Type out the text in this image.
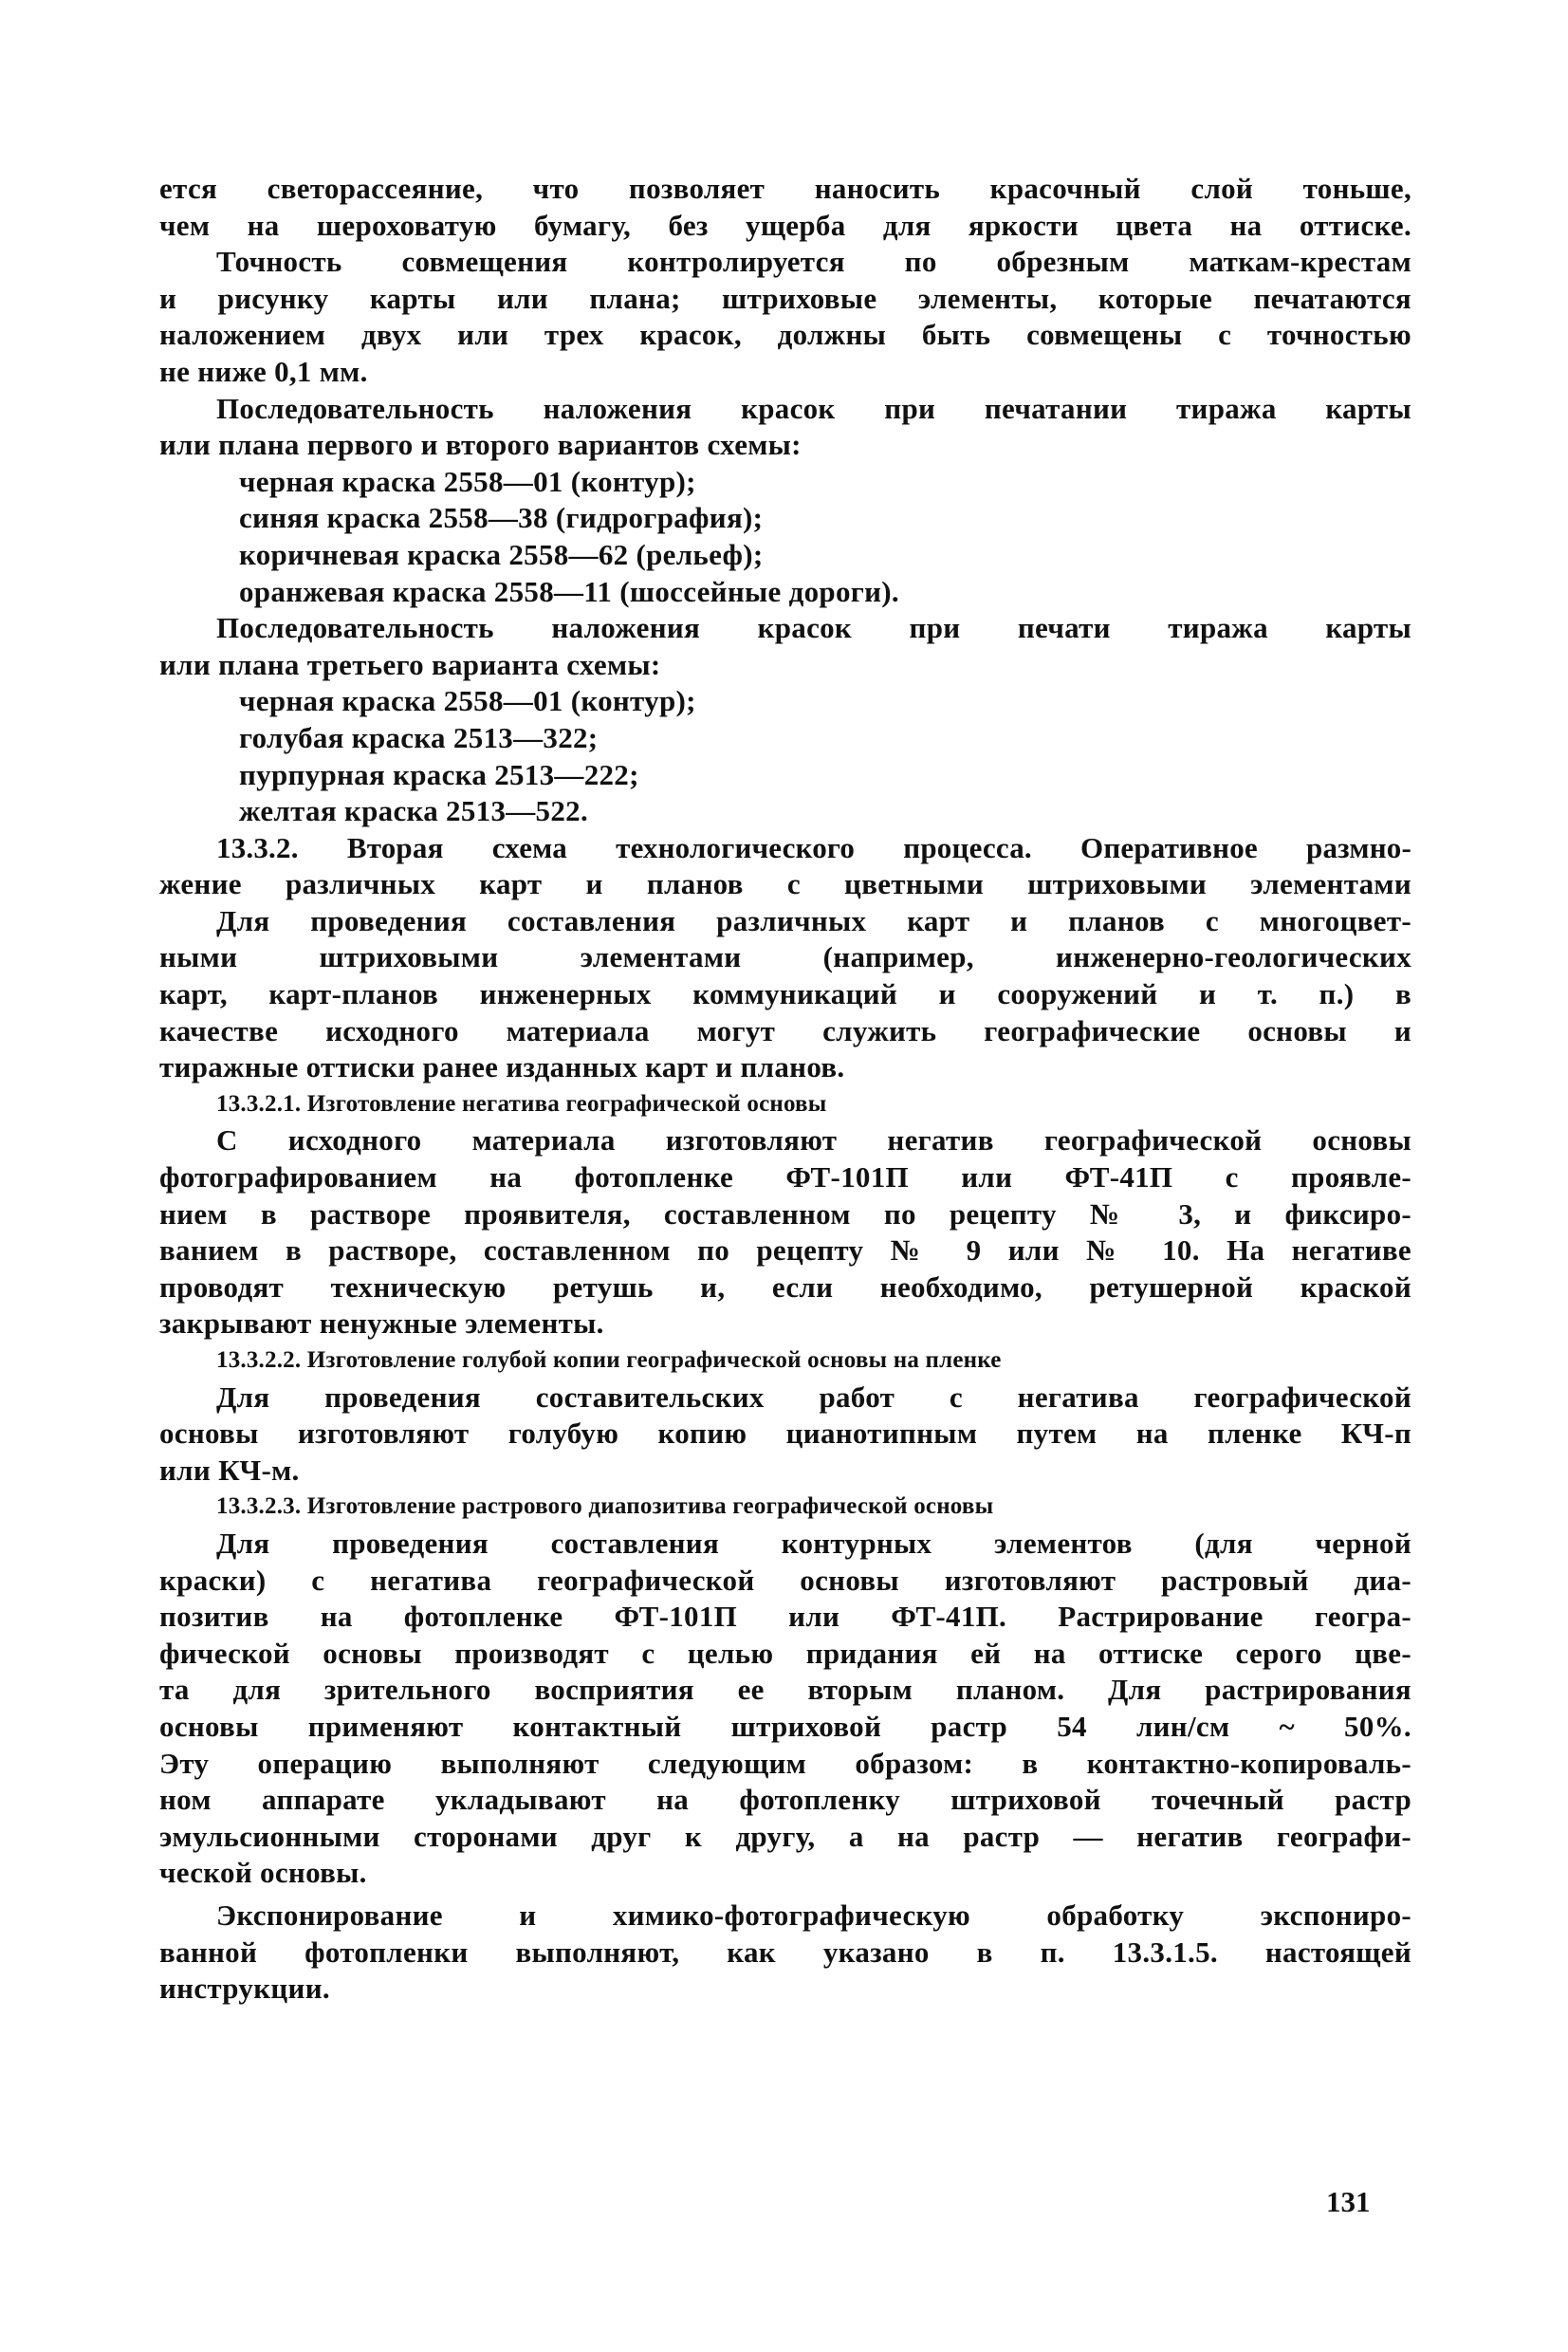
ется светорассеяние, что позволяет наносить красочный слой тоньше,
чем на шероховатую бумагу, без ущерба для яркости цвета на оттиске.

Точность совмещения контролируется по обрезным маткам-крестам
и рисунку карты или плана; штриховые элементы, которые печатаются
наложением двух или трех красок, должны быть совмещены с точностью

не ниже 0,1 мм.

Последовательность наложения красок при печатании тиража карты

или плана первого и второго вариантов схемы:

черная краска 2558—01 (контур);
синяя краска 2558—38 (гидрография);
коричневая краска 2558—62 (рельеф);
оранжевая краска 2558—11 (шоссейные дороги).

Последовательность наложения красок при печати тиража карты

или плана третьего варианта схемы:

черная краска 2558—01 (контур);
голубая краска 2513—322;
пурпурная краска 2513—222;
желтая краска 2513—522.

13.3.2. Вторая схема технологического процесса. Оперативное размно-

жение различных карт и планов с цветными штриховыми элементами

Для проведения составления различных карт и планов с многоцвет-
ными штриховыми элементами (например, инженерно-геологических
карт, карт-планов инженерных коммуникаций и сооружений и т. п.) в
качестве исходного материала могут служить географические основы и

тиражные оттиски ранее изданных карт и планов.

13.3.2.1. Изготовление негатива географической основы

С исходного материала изготовляют негатив географической основы
фотографированием на фотопленке ФТ-101П или ФТ-41П с проявле-
нием в растворе проявителя, составленном по рецепту № 3, и фиксиро-
ванием в растворе, составленном по рецепту № 9 или № 10. На негативе
проводят техническую ретушь и, если необходимо, ретушерной краской

закрывают ненужные элементы.

13.3.2.2. Изготовление голубой копии географической основы на пленке

Для проведения составительских работ с негатива географической
основы изготовляют голубую копию цианотипным путем на пленке КЧ-п

или КЧ-м.

13.3.2.3. Изготовление растрового диапозитива географической основы

Для проведения составления контурных элементов (для черной
краски) с негатива географической основы изготовляют растровый диа-
позитив на фотопленке ФТ-101П или ФТ-41П. Растрирование геогра-
фической основы производят с целью придания ей на оттиске серого цве-
та для зрительного восприятия ее вторым планом. Для растрирования
основы применяют контактный штриховой растр 54 лин/см ~ 50%.
Эту операцию выполняют следующим образом: в контактно-копироваль-
ном аппарате укладывают на фотопленку штриховой точечный растр
эмульсионными сторонами друг к другу, а на растр — негатив географи-

ческой основы.

Экспонирование и химико-фотографическую обработку экспониро-
ванной фотопленки выполняют, как указано в п. 13.3.1.5. настоящей

инструкции.

131
